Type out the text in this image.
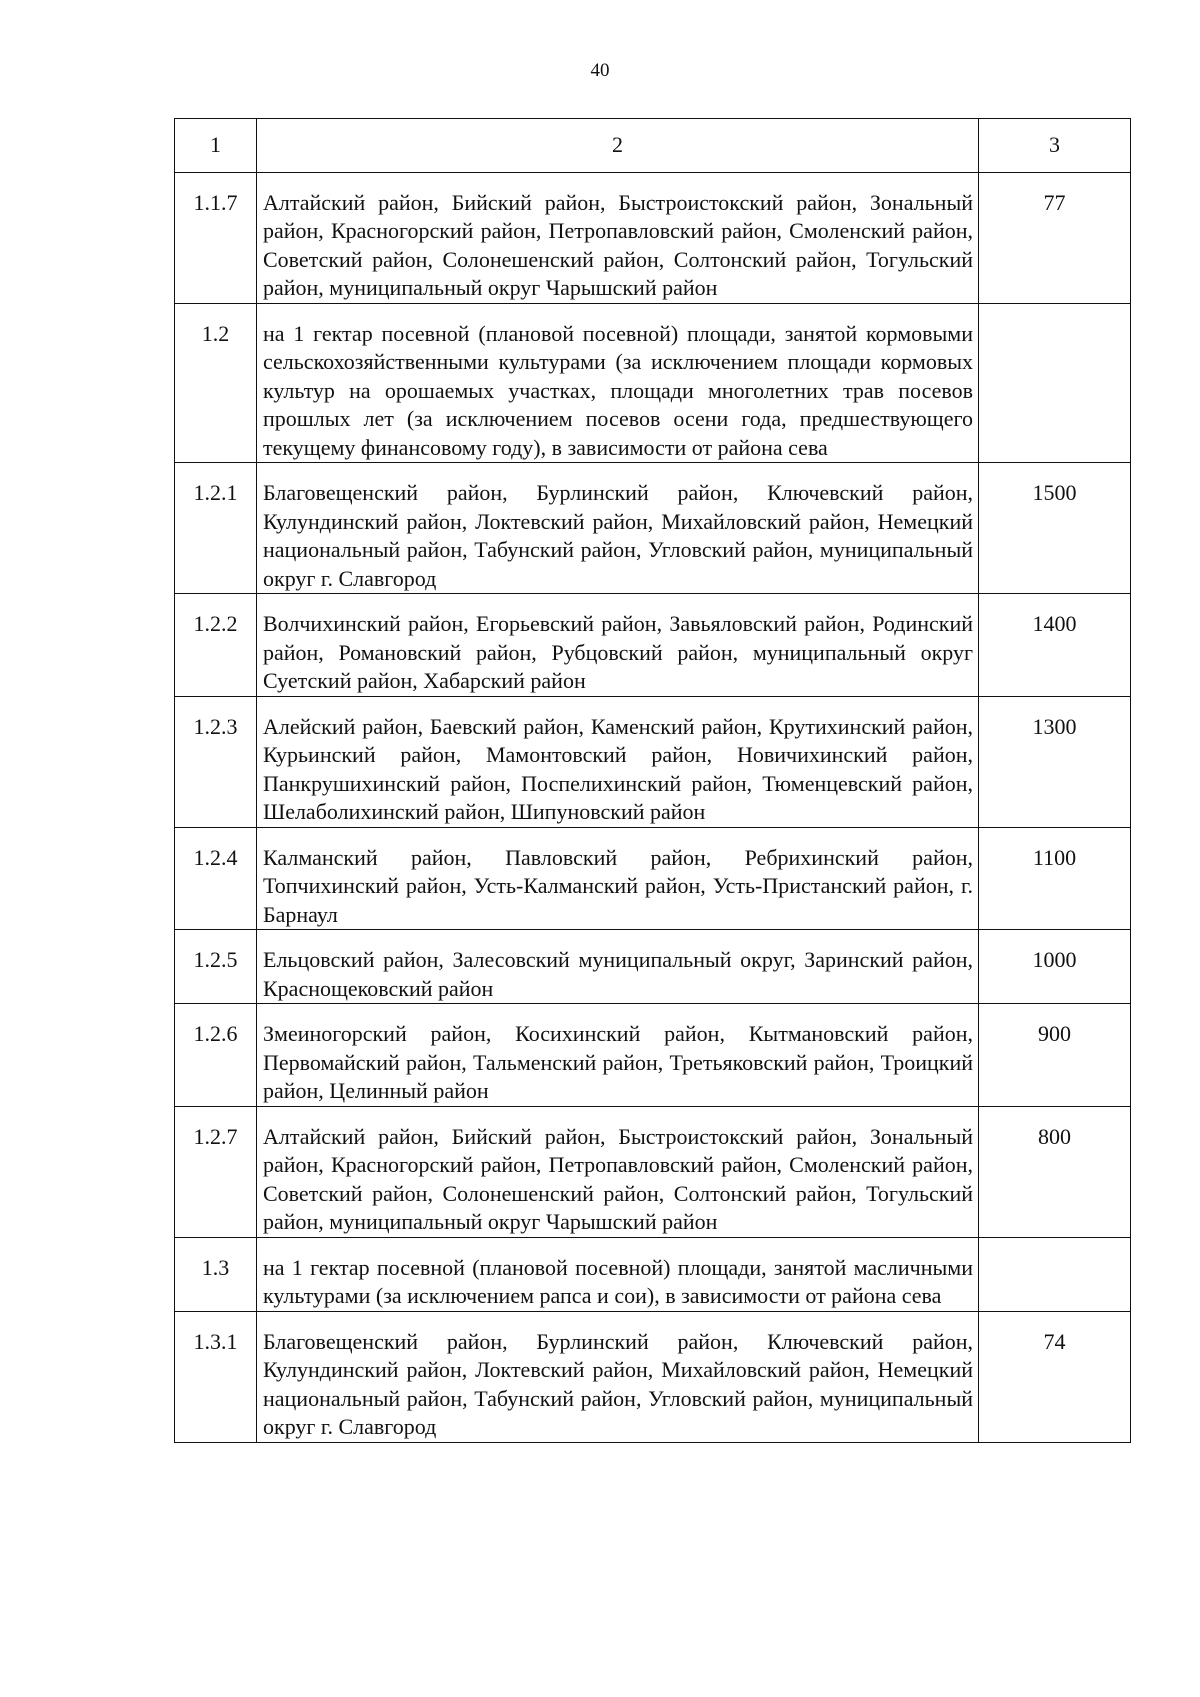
40
1	2	3
1.1.7	Алтайский район, Бийский район, Быстроистокский район, Зональный район, Красногорский район, Петропавловский район, Смоленский район, Советский район, Солонешенский район, Солтонский район, Тогульский район, муниципальный округ Чарышский район	77
1.2	на 1 гектар посевной (плановой посевной) площади, занятой кормовыми сельскохозяйственными культурами (за исключением площади кормовых культур на орошаемых участках, площади многолетних трав посевов прошлых лет (за исключением посевов осени года, предшествующего текущему финансовому году), в зависимости от района сева	
1.2.1	Благовещенский район, Бурлинский район, Ключевский район, Кулундинский район, Локтевский район, Михайловский район, Немецкий национальный район, Табунский район, Угловский район, муниципальный округ г. Славгород	1500
1.2.2	Волчихинский район, Егорьевский район, Завьяловский район, Родинский район, Романовский район, Рубцовский район, муниципальный округ Суетский район, Хабарский район	1400
1.2.3	Алейский район, Баевский район, Каменский район, Крутихинский район, Курьинский район, Мамонтовский район, Новичихинский район, Панкрушихинский район, Поспелихинский район, Тюменцевский район, Шелаболихинский район, Шипуновский район	1300
1.2.4	Калманский район, Павловский район, Ребрихинский район, Топчихинский район, Усть-Калманский район, Усть-Пристанский район, г. Барнаул	1100
1.2.5	Ельцовский район, Залесовский муниципальный округ, Заринский район, Краснощековский район	1000
1.2.6	Змеиногорский район, Косихинский район, Кытмановский район, Первомайский район, Тальменский район, Третьяковский район, Троицкий район, Целинный район	900
1.2.7	Алтайский район, Бийский район, Быстроистокский район, Зональный район, Красногорский район, Петропавловский район, Смоленский район, Советский район, Солонешенский район, Солтонский район, Тогульский район, муниципальный округ Чарышский район	800
1.3	на 1 гектар посевной (плановой посевной) площади, занятой масличными культурами (за исключением рапса и сои), в зависимости от района сева	
1.3.1	Благовещенский район, Бурлинский район, Ключевский район, Кулундинский район, Локтевский район, Михайловский район, Немецкий национальный район, Табунский район, Угловский район, муниципальный округ г. Славгород	74
